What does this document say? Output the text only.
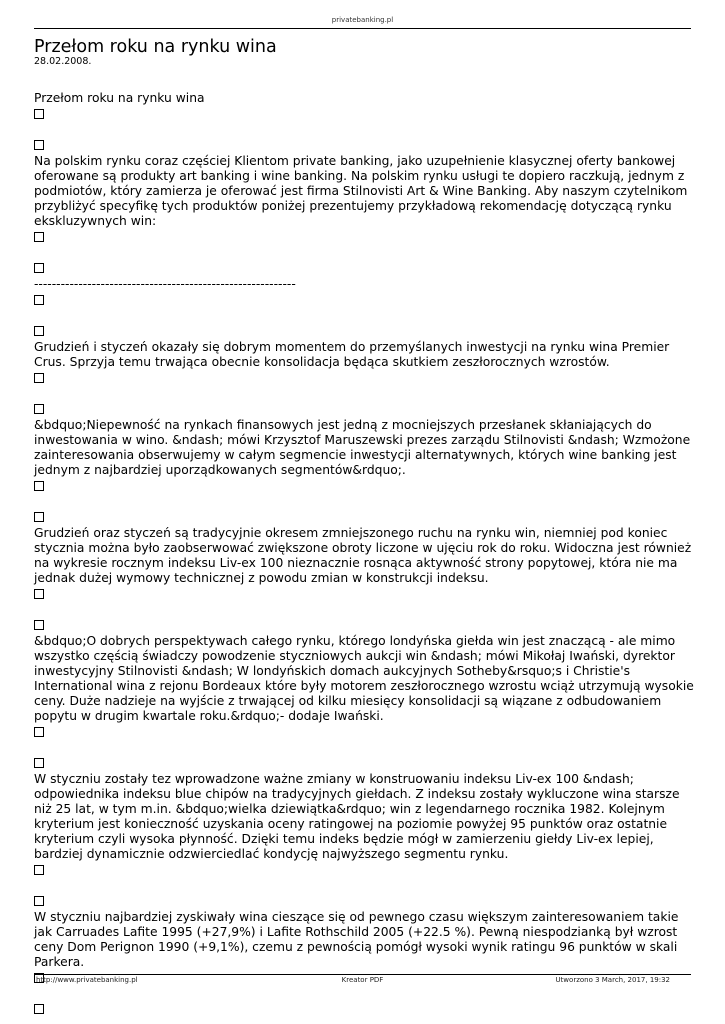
privatebanking.pl
Przełom roku na rynku wina
28.02.2008.

Przełom roku na rynku wina

Na polskim rynku coraz częściej Klientom private banking, jako uzupełnienie klasycznej oferty bankowej oferowane są produkty art banking i wine banking. Na polskim rynku usługi te dopiero raczkują, jednym z podmiotów, który zamierza je oferować jest firma Stilnovisti Art & Wine Banking. Aby naszym czytelnikom przybliżyć specyfikę tych produktów poniżej prezentujemy przykładową rekomendację dotyczącą rynku ekskluzywnych win:

-----------------------------------------------------------

Grudzień i styczeń okazały się dobrym momentem do przemyślanych inwestycji na rynku wina Premier Crus. Sprzyja temu trwająca obecnie konsolidacja będąca skutkiem zeszłorocznych wzrostów.

&bdquo;Niepewność na rynkach finansowych jest jedną z mocniejszych przesłanek skłaniających do inwestowania w wino. &ndash; mówi Krzysztof Maruszewski prezes zarządu Stilnovisti &ndash; Wzmożone zainteresowania obserwujemy w całym segmencie inwestycji alternatywnych, których wine banking jest jednym z najbardziej uporządkowanych segmentów&rdquo;.

Grudzień oraz styczeń są tradycyjnie okresem zmniejszonego ruchu na rynku win, niemniej pod koniec stycznia można było zaobserwować zwiększone obroty liczone w ujęciu rok do roku. Widoczna jest również na wykresie rocznym indeksu Liv-ex 100 nieznacznie rosnąca aktywność strony popytowej, która nie ma jednak dużej wymowy technicznej z powodu zmian w konstrukcji indeksu.

&bdquo;O dobrych perspektywach całego rynku, którego londyńska giełda win jest znaczącą - ale mimo wszystko częścią świadczy powodzenie styczniowych aukcji win &ndash; mówi Mikołaj Iwański, dyrektor inwestycyjny Stilnovisti &ndash; W londyńskich domach aukcyjnych Sotheby&rsquo;s i Christie's International wina z rejonu Bordeaux które były motorem zeszłorocznego wzrostu wciąż utrzymują wysokie ceny. Duże nadzieje na wyjście z trwającej od kilku miesięcy konsolidacji są wiązane z odbudowaniem popytu w drugim kwartale roku.&rdquo;- dodaje Iwański.

W styczniu zostały tez wprowadzone ważne zmiany w konstruowaniu indeksu Liv-ex 100 &ndash; odpowiednika indeksu blue chipów na tradycyjnych giełdach. Z indeksu zostały wykluczone wina starsze niż 25 lat, w tym m.in. &bdquo;wielka dziewiątka&rdquo; win z legendarnego rocznika 1982. Kolejnym kryterium jest konieczność uzyskania oceny ratingowej na poziomie powyżej 95 punktów oraz ostatnie kryterium czyli wysoka płynność. Dzięki temu indeks będzie mógł w zamierzeniu giełdy Liv-ex lepiej, bardziej dynamicznie odzwierciedlać kondycję najwyższego segmentu rynku.

W styczniu najbardziej zyskiwały wina cieszące się od pewnego czasu większym zainteresowaniem takie jak Carruades Lafite 1995 (+27,9%) i Lafite Rothschild 2005 (+22.5 %). Pewną niespodzianką był wzrost ceny Dom Perignon 1990 (+9,1%), czemu z pewnością pomógł wysoki wynik ratingu 96 punktów w skali Parkera.

Kreator PDF
http://www.privatebanking.pl	Utworzono 3 March, 2017, 19:32
